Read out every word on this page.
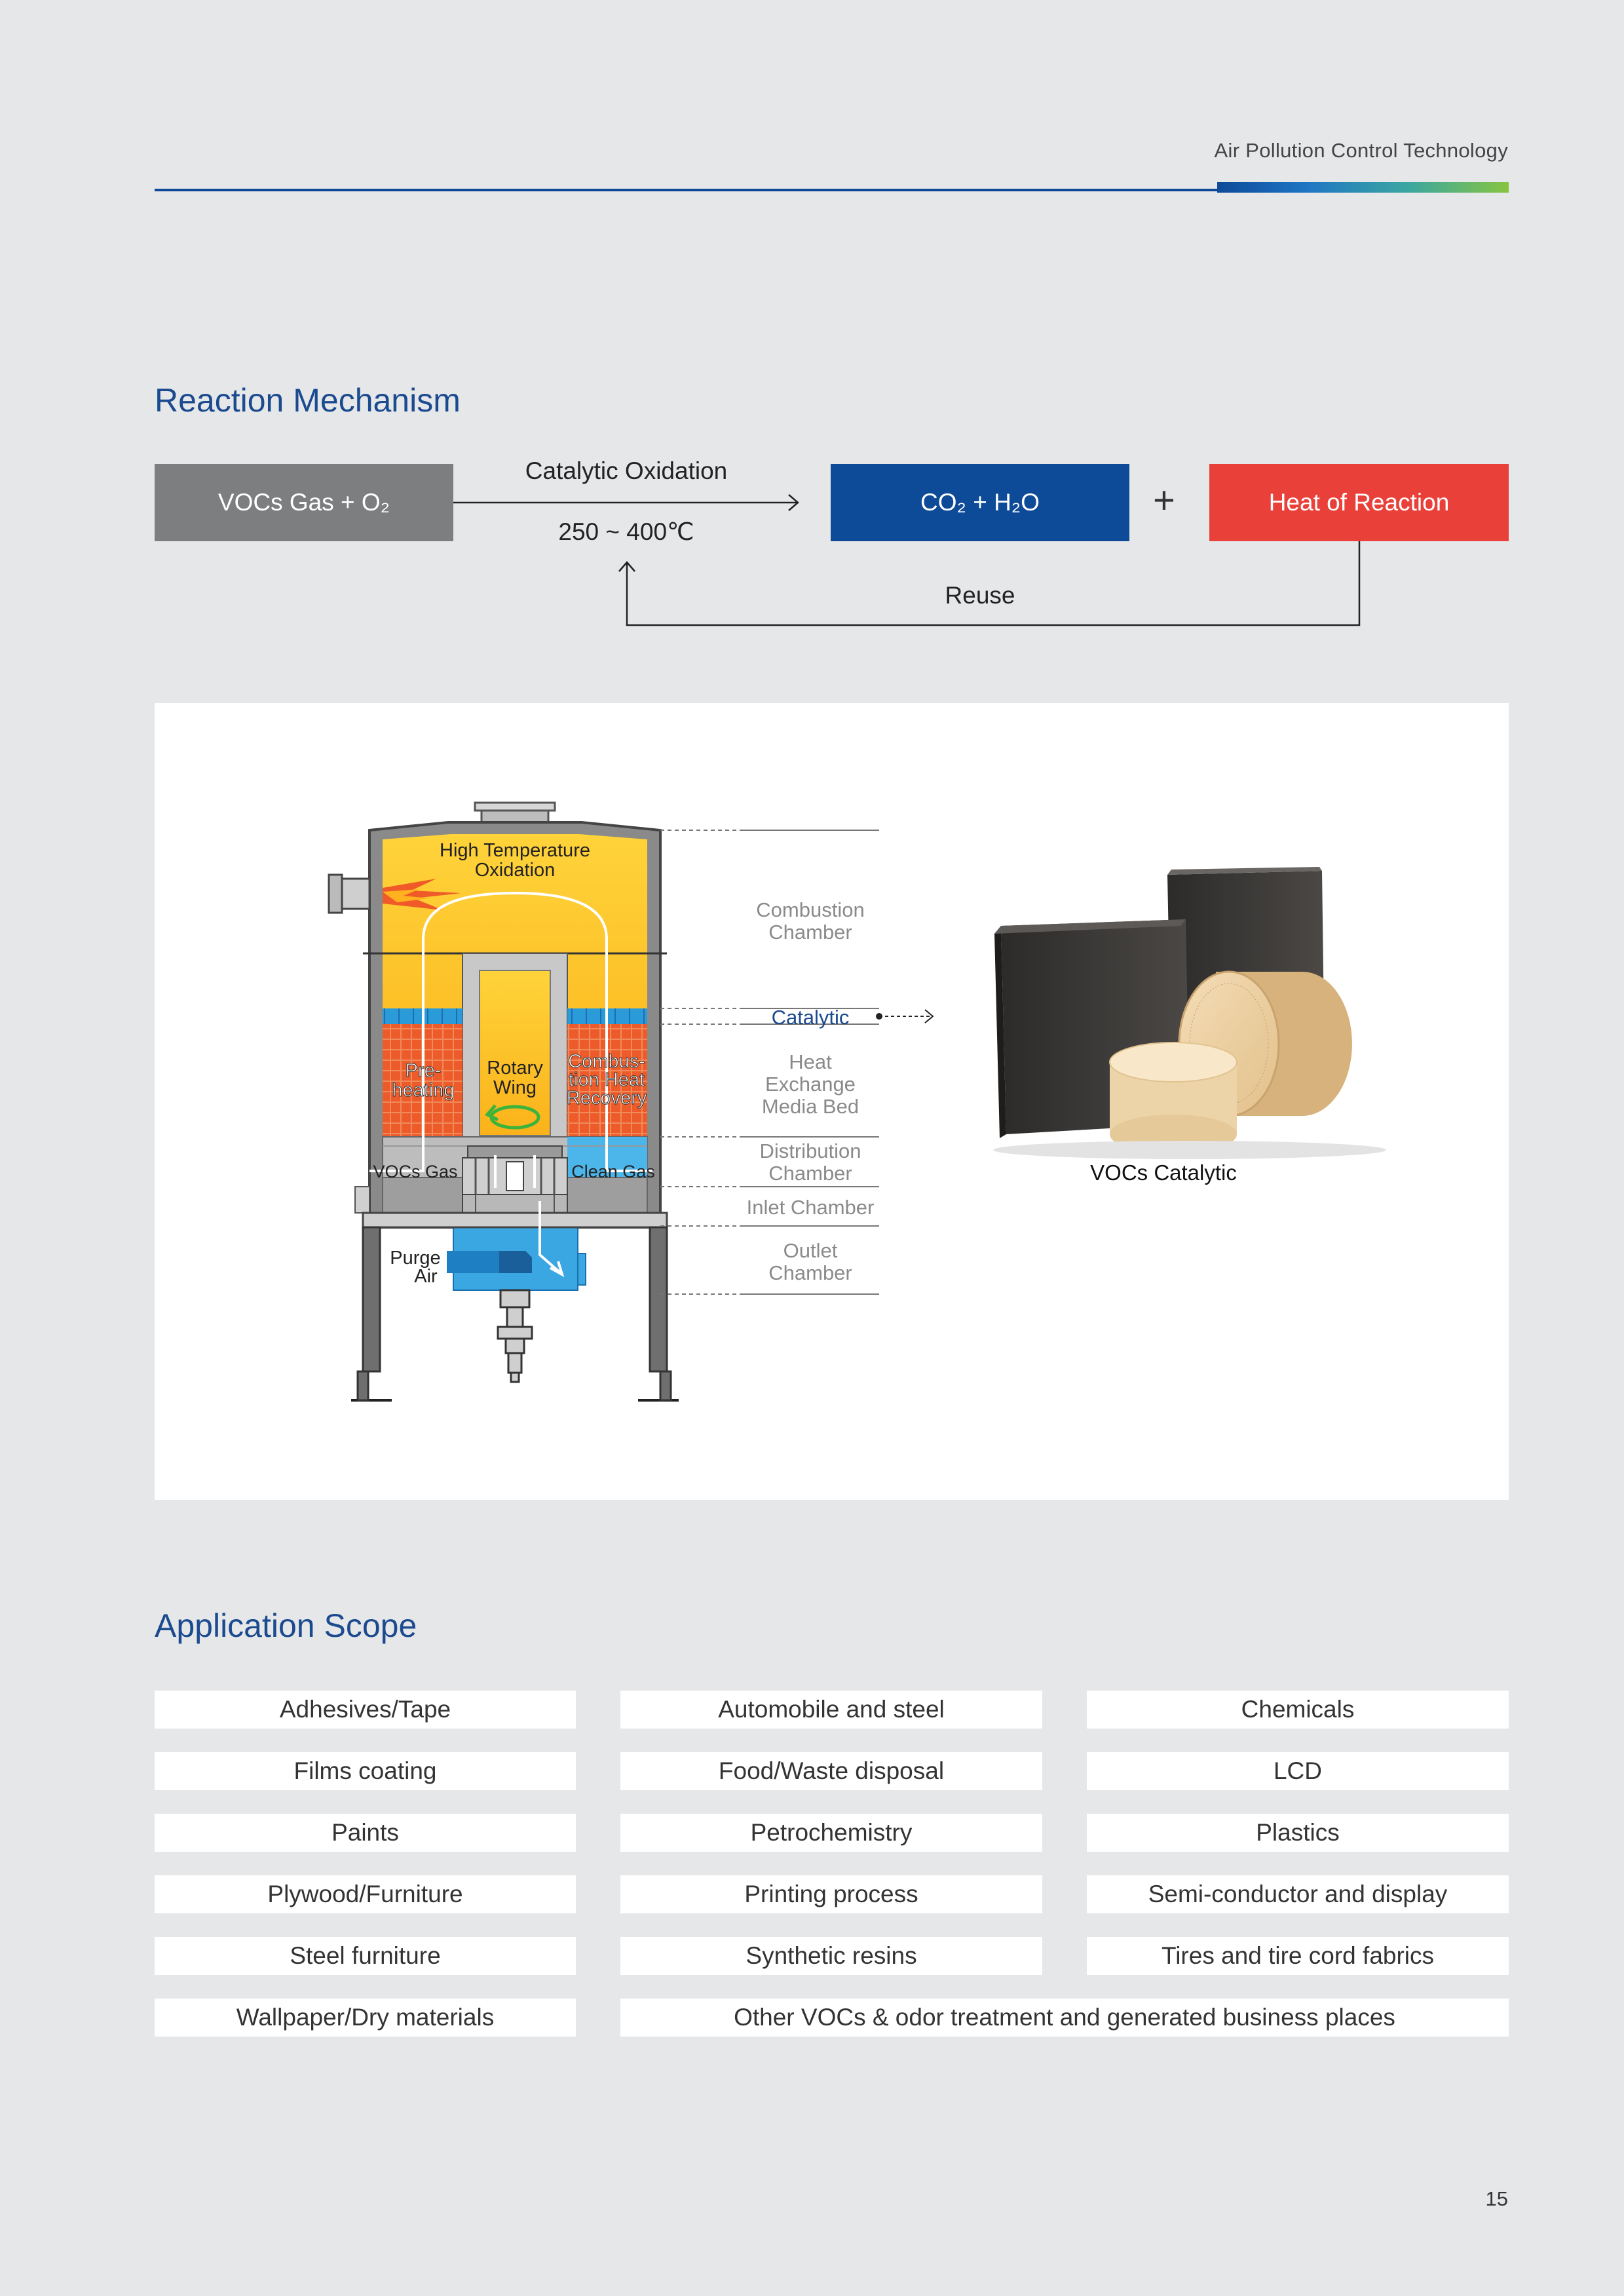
Air Pollution Control Technology
Reaction Mechanism
VOCs Gas + O₂	CO₂ + H₂O	Heat of Reaction
+
Catalytic Oxidation
250 ~ 400℃
Reuse
High Temperature
Oxidation
Pre-
heating
Rotary
Wing
Combus-
tion Heat
Recovery
VOCs Gas	Clean Gas
Purge
Air
Combustion
Chamber
Catalytic
Heat
Exchange
Media Bed
Distribution
Chamber
Inlet Chamber
Outlet
Chamber
VOCs Catalytic
Application Scope
Adhesives/Tape	Automobile and steel	Chemicals
Films coating	Food/Waste disposal	LCD
Paints	Petrochemistry	Plastics
Plywood/Furniture	Printing process	Semi-conductor and display
Steel furniture	Synthetic resins	Tires and tire cord fabrics
Wallpaper/Dry materials	Other VOCs & odor treatment and generated business places
15
